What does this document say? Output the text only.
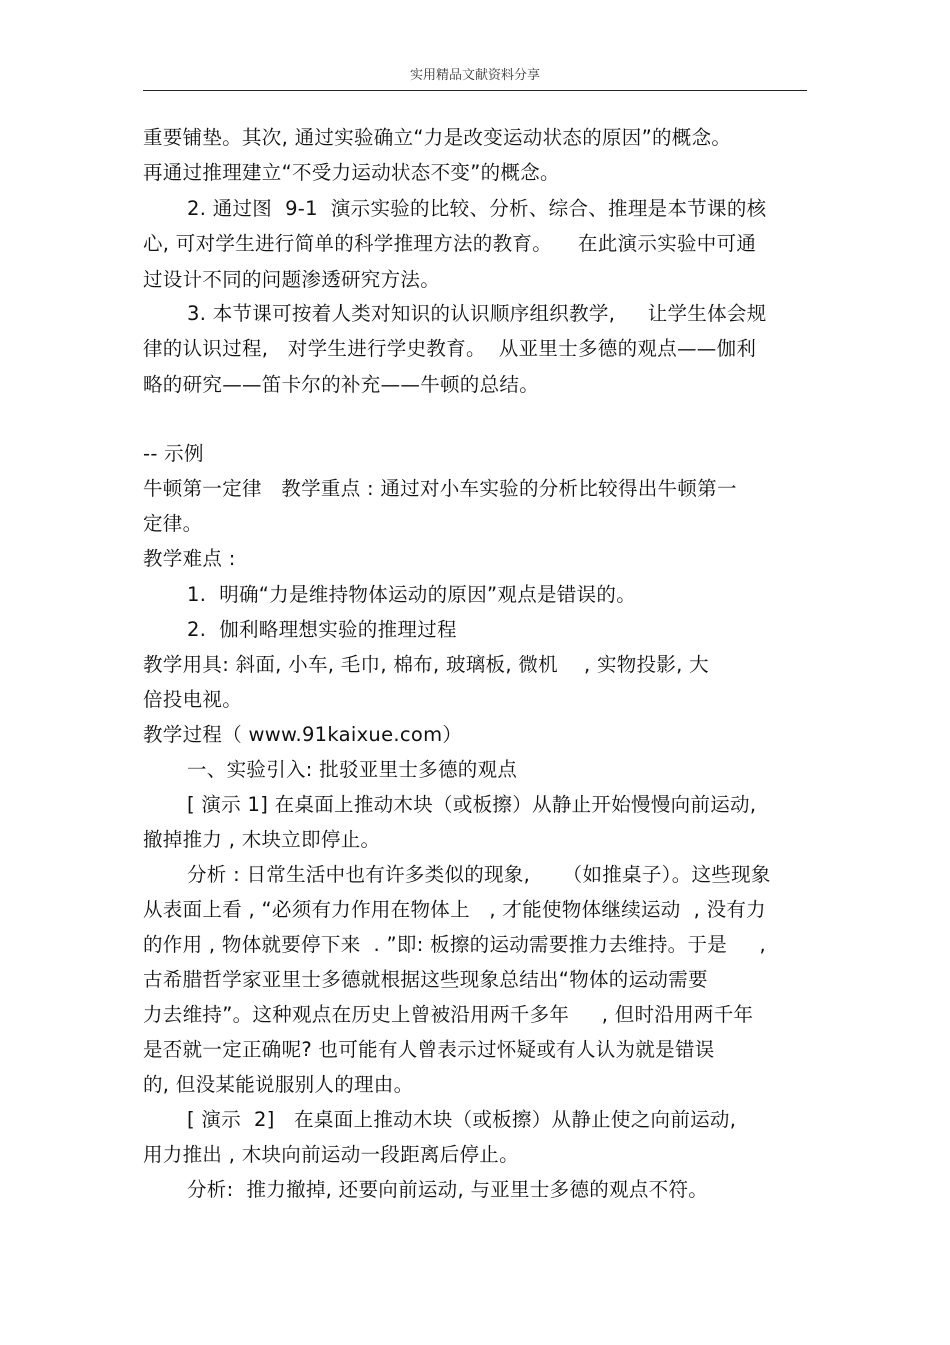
实用精品文献资料分享
重要铺垫。其次, 通过实验确立“力是改变运动状态的原因”的概念。
再通过推理建立“不受力运动状态不变”的概念。
2. 通过图  9-1  演示实验的比较、分析、综合、推理是本节课的核
心, 可对学生进行简单的科学推理方法的教育。    在此演示实验中可通
过设计不同的问题渗透研究方法。
3. 本节课可按着人类对知识的认识顺序组织教学,     让学生体会规
律的认识过程,   对学生进行学史教育。  从亚里士多德的观点——伽利
略的研究——笛卡尔的补充——牛顿的总结。
-- 示例
牛顿第一定律   教学重点 : 通过对小车实验的分析比较得出牛顿第一
定律。
教学难点 :
1.  明确“力是维持物体运动的原因”观点是错误的。
2.  伽利略理想实验的推理过程
教学用具: 斜面, 小车, 毛巾, 棉布, 玻璃板, 微机    , 实物投影, 大
倍投电视。
教学过程（ www.91kaixue.com）
一、实验引入: 批驳亚里士多德的观点
[ 演示 1] 在桌面上推动木块（或板擦）从静止开始慢慢向前运动,
撤掉推力 , 木块立即停止。
分析 : 日常生活中也有许多类似的现象,     （如推桌子）。这些现象
从表面上看 , “必须有力作用在物体上   , 才能使物体继续运动  , 没有力
的作用 , 物体就要停下来  . ”即: 板擦的运动需要推力去维持。于是     ,
古希腊哲学家亚里士多德就根据这些现象总结出“物体的运动需要
力去维持”。这种观点在历史上曾被沿用两千多年     , 但时沿用两千年
是否就一定正确呢? 也可能有人曾表示过怀疑或有人认为就是错误
的, 但没某能说服别人的理由。
[ 演示  2]   在桌面上推动木块（或板擦）从静止使之向前运动,
用力推出 , 木块向前运动一段距离后停止。
分析:  推力撤掉, 还要向前运动, 与亚里士多德的观点不符。
